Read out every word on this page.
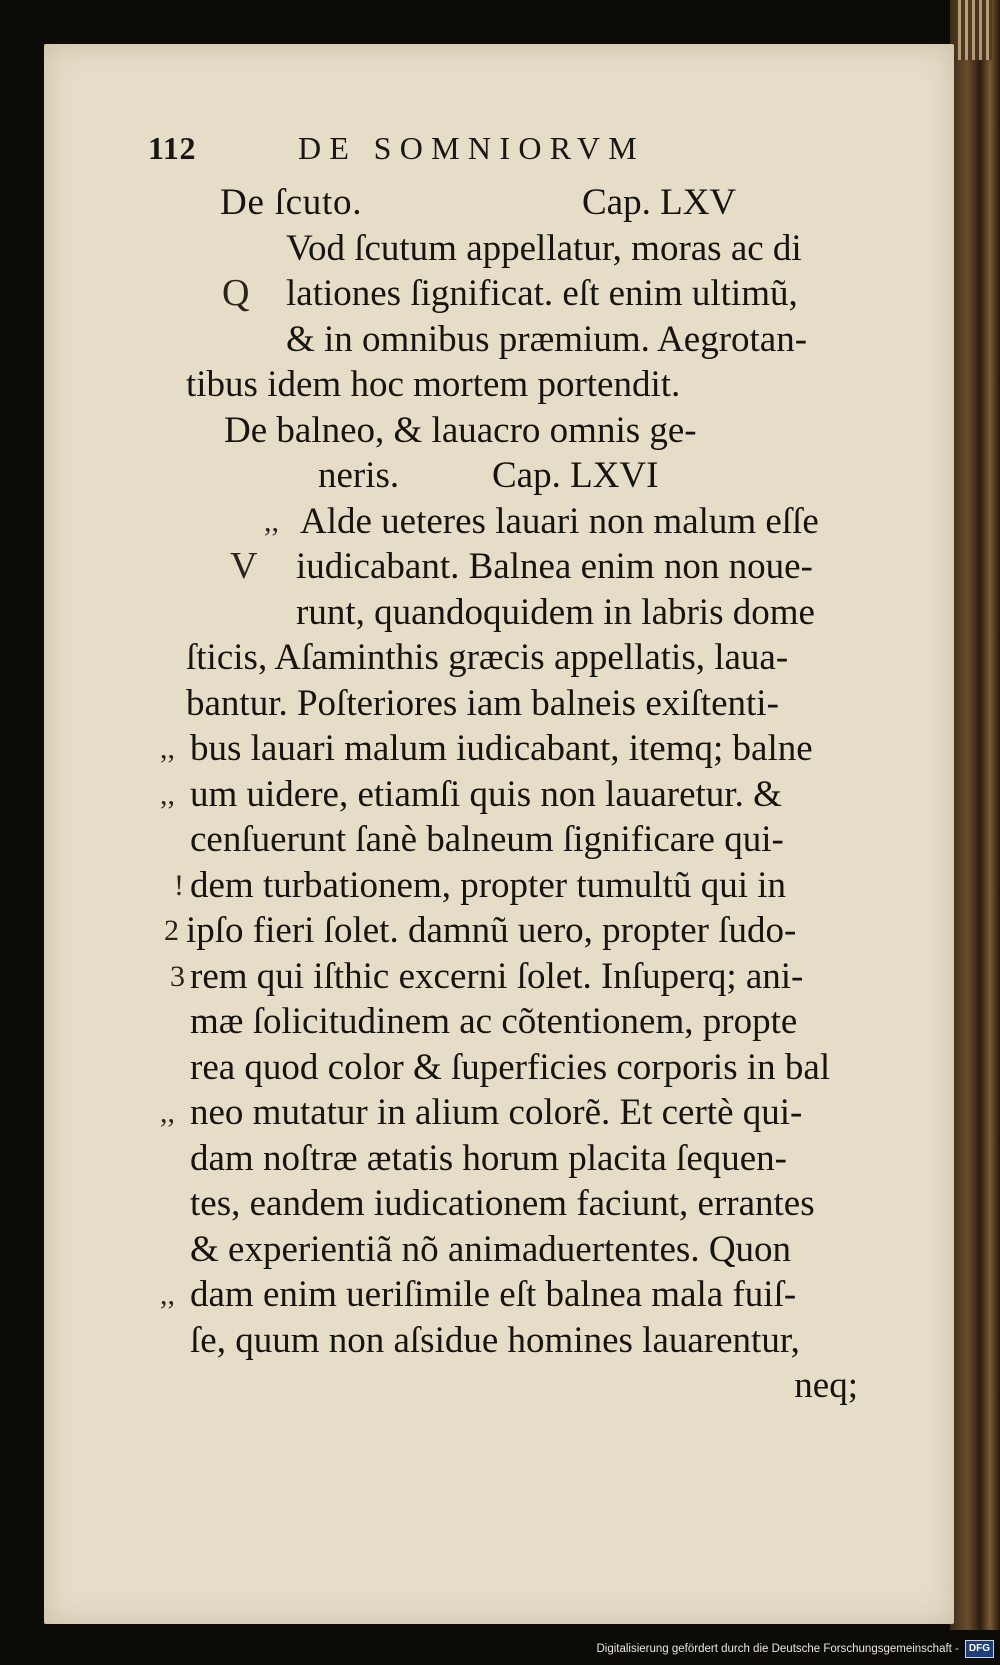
112	DE SOMNIORVM
De ſcuto.	Cap. LXV
Vod ſcutum appellatur, moras ac di
Q lationes ſignificat. eſt enim ultimũ,
& in omnibus præmium. Aegrotan-
tibus idem hoc mortem portendit.
De balneo, & lauacro omnis ge-
neris.	Cap. LXVI
,, Alde ueteres lauari non malum eſſe
V iudicabant. Balnea enim non noue-
runt, quandoquidem in labris dome
ſticis, Aſaminthis græcis appellatis, laua-
bantur. Poſteriores iam balneis exiſtenti-
,, bus lauari malum iudicabant, itemq; balne
,, um uidere, etiamſi quis non lauaretur. &
cenſuerunt ſanè balneum ſignificare qui-
! dem turbationem, propter tumultũ qui in
2 ipſo fieri ſolet. damnũ uero, propter ſudo-
3 rem qui iſthic excerni ſolet. Inſuperq; ani-
mæ ſolicitudinem ac cõtentionem, propte
rea quod color & ſuperficies corporis in bal
,, neo mutatur in alium colorẽ. Et certè qui-
dam noſtræ ætatis horum placita ſequen-
tes, eandem iudicationem faciunt, errantes
& experientiã nõ animaduertentes. Quon
,, dam enim ueriſimile eſt balnea mala fuiſ-
ſe, quum non aſsidue homines lauarentur,
neq;
Digitalisierung gefördert durch die Deutsche Forschungsgemeinschaft -	DFG
